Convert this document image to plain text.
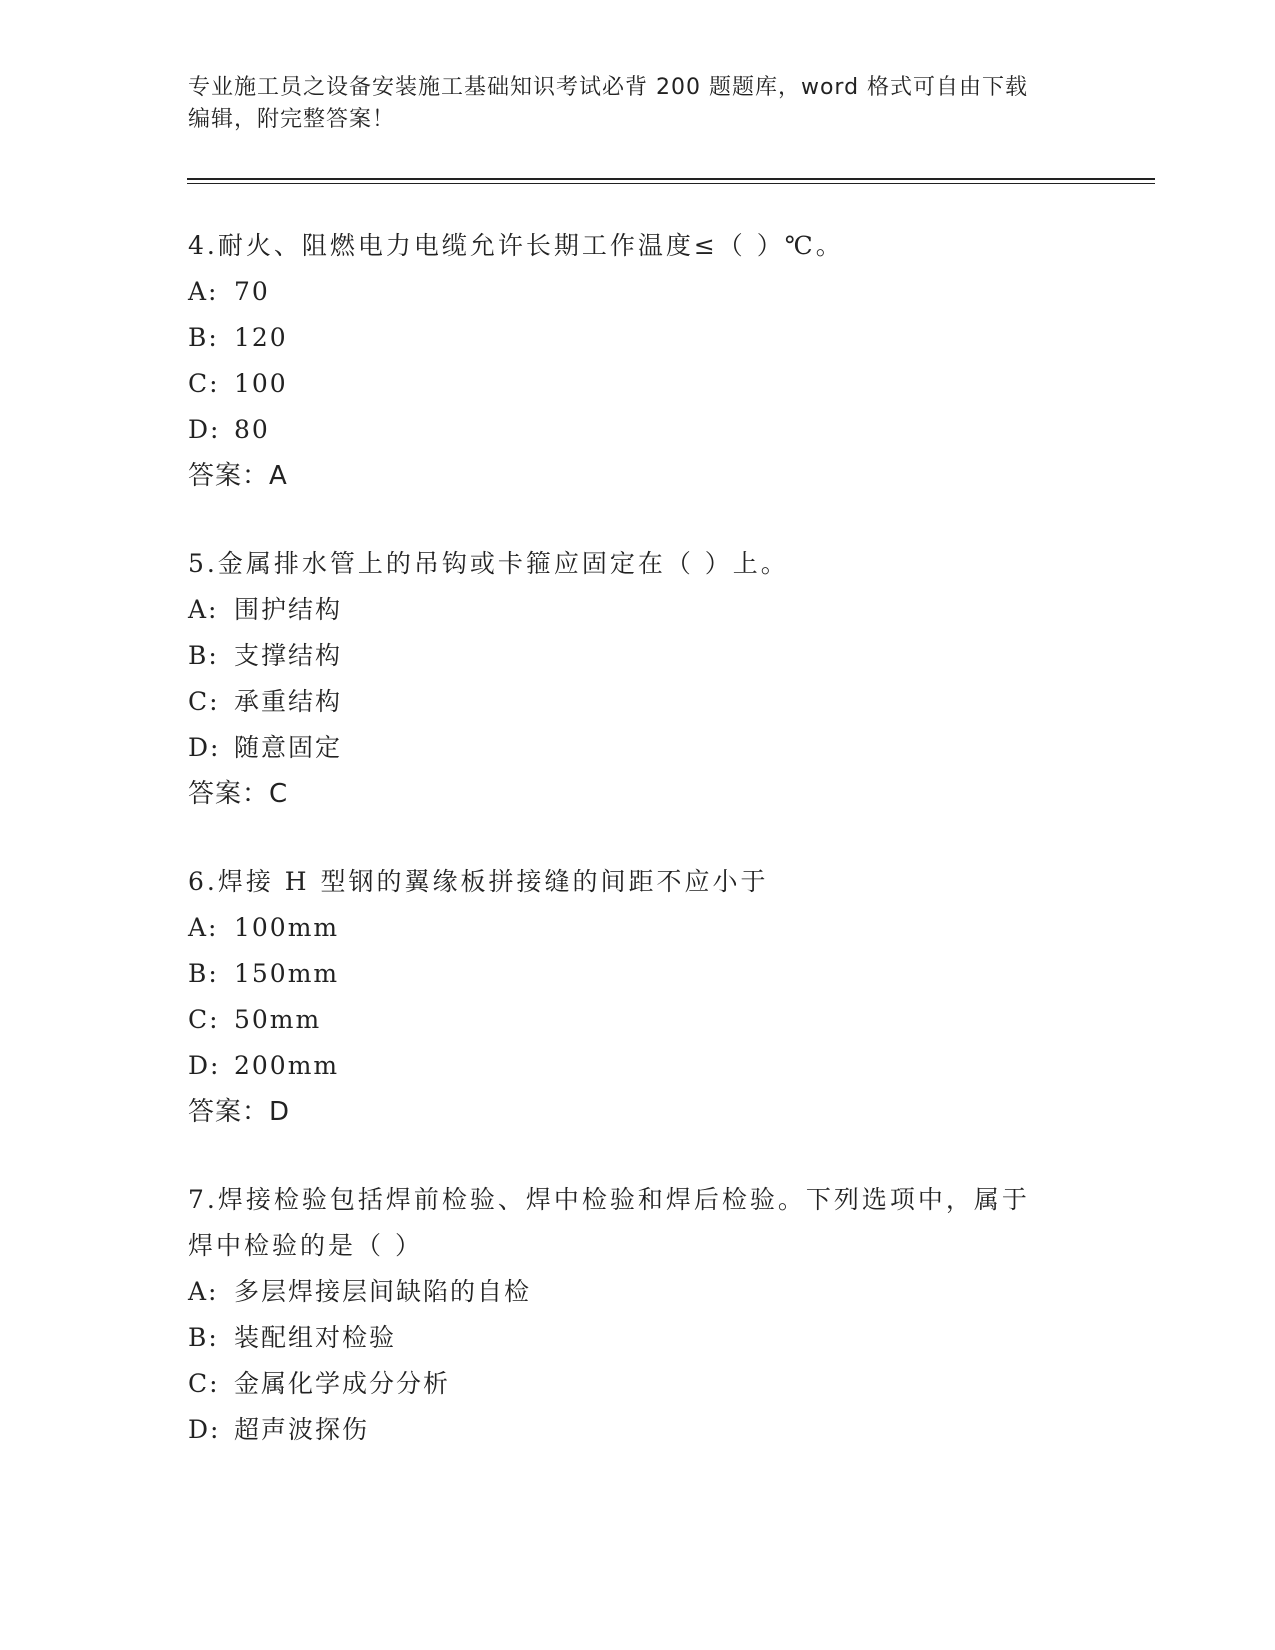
专业施工员之设备安装施工基础知识考试必背 200 题题库，word 格式可自由下载
编辑，附完整答案！

4.耐火、阻燃电力电缆允许长期工作温度≤（ ）℃。

A: 70

B: 120

C: 100

D: 80

答案：A

5.金属排水管上的吊钩或卡箍应固定在（ ）上。

A: 围护结构

B: 支撑结构

C: 承重结构

D: 随意固定

答案：C

6.焊接 H 型钢的翼缘板拼接缝的间距不应小于

A: 100mm

B: 150mm

C: 50mm

D: 200mm

答案：D

7.焊接检验包括焊前检验、焊中检验和焊后检验。下列选项中，属于

焊中检验的是（ ）

A: 多层焊接层间缺陷的自检

B: 装配组对检验

C: 金属化学成分分析

D: 超声波探伤
